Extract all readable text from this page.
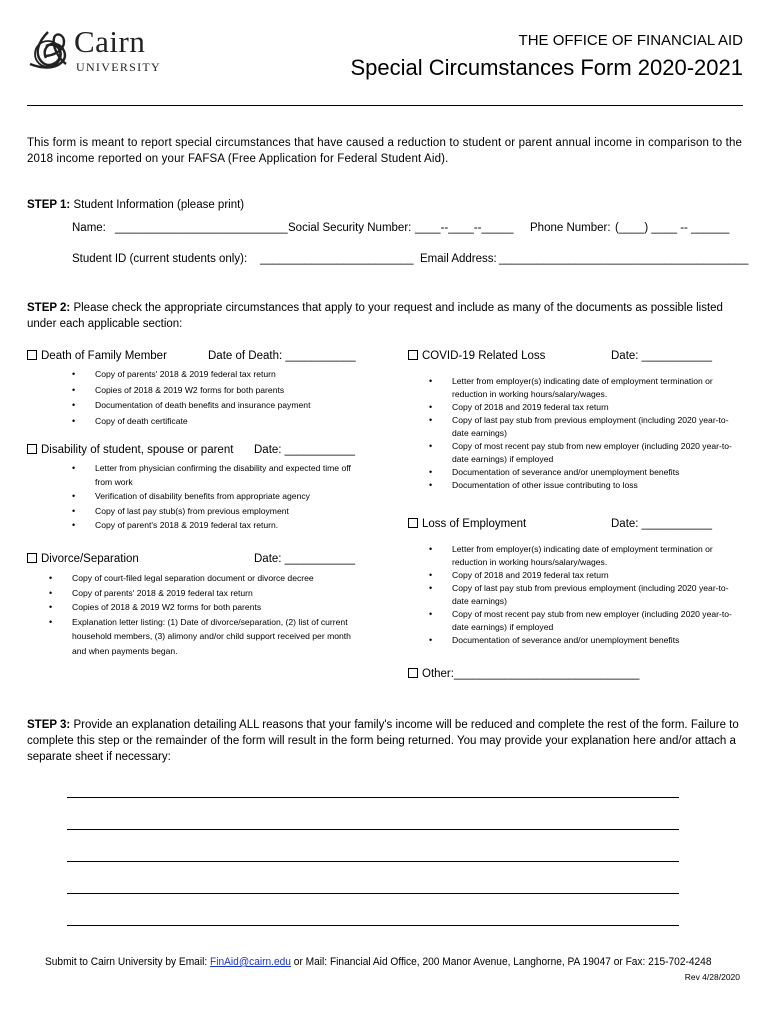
Cairn
UNIVERSITY
THE OFFICE OF FINANCIAL AID
Special Circumstances Form 2020-2021
This form is meant to report special circumstances that have caused a reduction to student or parent annual income in comparison to the 2018 income reported on your FAFSA (Free Application for Federal Student Aid).
STEP 1: Student Information (please print)
Name: ___________________________ Social Security Number: ____--____--_____ Phone Number: (____) ____ -- ______
Student ID (current students only): ________________________ Email Address: _______________________________________
STEP 2: Please check the appropriate circumstances that apply to your request and include as many of the documents as possible listed under each applicable section:
Death of Family Member	Date of Death: ___________
• Copy of parents' 2018 & 2019 federal tax return
• Copies of 2018 & 2019 W2 forms for both parents
• Documentation of death benefits and insurance payment
• Copy of death certificate
Disability of student, spouse or parent Date: ___________
• Letter from physician confirming the disability and expected time off from work
• Verification of disability benefits from appropriate agency
• Copy of last pay stub(s) from previous employment
• Copy of parent's 2018 & 2019 federal tax return.
Divorce/Separation	Date: ___________
• Copy of court-filed legal separation document or divorce decree
• Copy of parents' 2018 & 2019 federal tax return
• Copies of 2018 & 2019 W2 forms for both parents
• Explanation letter listing: (1) Date of divorce/separation, (2) list of current household members, (3) alimony and/or child support received per month and when payments began.
COVID-19 Related Loss	Date: ___________
• Letter from employer(s) indicating date of employment termination or reduction in working hours/salary/wages.
• Copy of 2018 and 2019 federal tax return
• Copy of last pay stub from previous employment (including 2020 year-to-date earnings)
• Copy of most recent pay stub from new employer (including 2020 year-to-date earnings) if employed
• Documentation of severance and/or unemployment benefits
• Documentation of other issue contributing to loss
Loss of Employment	Date: ___________
• Letter from employer(s) indicating date of employment termination or reduction in working hours/salary/wages.
• Copy of 2018 and 2019 federal tax return
• Copy of last pay stub from previous employment (including 2020 year-to-date earnings)
• Copy of most recent pay stub from new employer (including 2020 year-to-date earnings) if employed
• Documentation of severance and/or unemployment benefits
Other:_____________________________
STEP 3: Provide an explanation detailing ALL reasons that your family's income will be reduced and complete the rest of the form. Failure to complete this step or the remainder of the form will result in the form being returned. You may provide your explanation here and/or attach a separate sheet if necessary:
Submit to Cairn University by Email: FinAid@cairn.edu or Mail: Financial Aid Office, 200 Manor Avenue, Langhorne, PA 19047 or Fax: 215-702-4248
Rev 4/28/2020
